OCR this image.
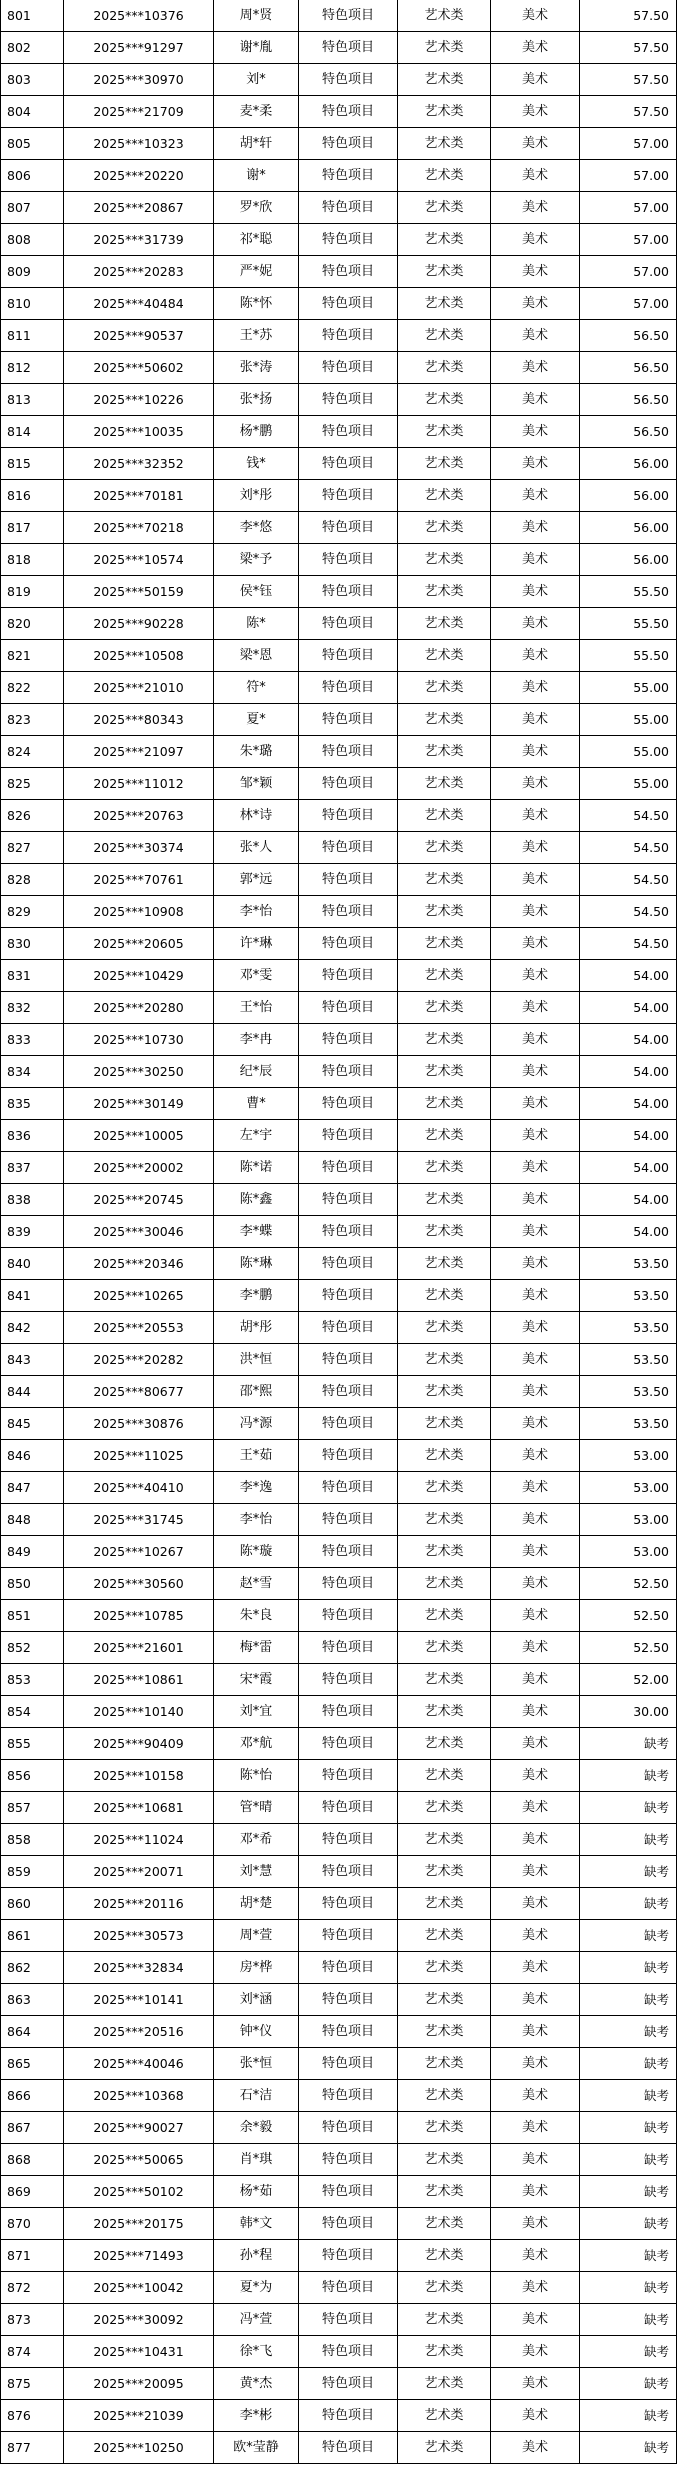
801	2025***10376	周*贤	特色项目	艺术类	美术	57.50
802	2025***91297	谢*胤	特色项目	艺术类	美术	57.50
803	2025***30970	刘*	特色项目	艺术类	美术	57.50
804	2025***21709	麦*柔	特色项目	艺术类	美术	57.50
805	2025***10323	胡*轩	特色项目	艺术类	美术	57.00
806	2025***20220	谢*	特色项目	艺术类	美术	57.00
807	2025***20867	罗*欣	特色项目	艺术类	美术	57.00
808	2025***31739	祁*聪	特色项目	艺术类	美术	57.00
809	2025***20283	严*妮	特色项目	艺术类	美术	57.00
810	2025***40484	陈*怀	特色项目	艺术类	美术	57.00
811	2025***90537	王*苏	特色项目	艺术类	美术	56.50
812	2025***50602	张*涛	特色项目	艺术类	美术	56.50
813	2025***10226	张*扬	特色项目	艺术类	美术	56.50
814	2025***10035	杨*鹏	特色项目	艺术类	美术	56.50
815	2025***32352	钱*	特色项目	艺术类	美术	56.00
816	2025***70181	刘*彤	特色项目	艺术类	美术	56.00
817	2025***70218	李*悠	特色项目	艺术类	美术	56.00
818	2025***10574	梁*予	特色项目	艺术类	美术	56.00
819	2025***50159	侯*钰	特色项目	艺术类	美术	55.50
820	2025***90228	陈*	特色项目	艺术类	美术	55.50
821	2025***10508	梁*恩	特色项目	艺术类	美术	55.50
822	2025***21010	符*	特色项目	艺术类	美术	55.00
823	2025***80343	夏*	特色项目	艺术类	美术	55.00
824	2025***21097	朱*璐	特色项目	艺术类	美术	55.00
825	2025***11012	邹*颖	特色项目	艺术类	美术	55.00
826	2025***20763	林*诗	特色项目	艺术类	美术	54.50
827	2025***30374	张*人	特色项目	艺术类	美术	54.50
828	2025***70761	郭*远	特色项目	艺术类	美术	54.50
829	2025***10908	李*怡	特色项目	艺术类	美术	54.50
830	2025***20605	许*琳	特色项目	艺术类	美术	54.50
831	2025***10429	邓*雯	特色项目	艺术类	美术	54.00
832	2025***20280	王*怡	特色项目	艺术类	美术	54.00
833	2025***10730	李*冉	特色项目	艺术类	美术	54.00
834	2025***30250	纪*辰	特色项目	艺术类	美术	54.00
835	2025***30149	曹*	特色项目	艺术类	美术	54.00
836	2025***10005	左*宇	特色项目	艺术类	美术	54.00
837	2025***20002	陈*诺	特色项目	艺术类	美术	54.00
838	2025***20745	陈*鑫	特色项目	艺术类	美术	54.00
839	2025***30046	李*蝶	特色项目	艺术类	美术	54.00
840	2025***20346	陈*琳	特色项目	艺术类	美术	53.50
841	2025***10265	李*鹏	特色项目	艺术类	美术	53.50
842	2025***20553	胡*彤	特色项目	艺术类	美术	53.50
843	2025***20282	洪*恒	特色项目	艺术类	美术	53.50
844	2025***80677	邵*熙	特色项目	艺术类	美术	53.50
845	2025***30876	冯*源	特色项目	艺术类	美术	53.50
846	2025***11025	王*茹	特色项目	艺术类	美术	53.00
847	2025***40410	李*逸	特色项目	艺术类	美术	53.00
848	2025***31745	李*怡	特色项目	艺术类	美术	53.00
849	2025***10267	陈*璇	特色项目	艺术类	美术	53.00
850	2025***30560	赵*雪	特色项目	艺术类	美术	52.50
851	2025***10785	朱*良	特色项目	艺术类	美术	52.50
852	2025***21601	梅*雷	特色项目	艺术类	美术	52.50
853	2025***10861	宋*霞	特色项目	艺术类	美术	52.00
854	2025***10140	刘*宜	特色项目	艺术类	美术	30.00
855	2025***90409	邓*航	特色项目	艺术类	美术	缺考
856	2025***10158	陈*怡	特色项目	艺术类	美术	缺考
857	2025***10681	管*晴	特色项目	艺术类	美术	缺考
858	2025***11024	邓*希	特色项目	艺术类	美术	缺考
859	2025***20071	刘*慧	特色项目	艺术类	美术	缺考
860	2025***20116	胡*楚	特色项目	艺术类	美术	缺考
861	2025***30573	周*萱	特色项目	艺术类	美术	缺考
862	2025***32834	房*桦	特色项目	艺术类	美术	缺考
863	2025***10141	刘*涵	特色项目	艺术类	美术	缺考
864	2025***20516	钟*仪	特色项目	艺术类	美术	缺考
865	2025***40046	张*恒	特色项目	艺术类	美术	缺考
866	2025***10368	石*洁	特色项目	艺术类	美术	缺考
867	2025***90027	余*毅	特色项目	艺术类	美术	缺考
868	2025***50065	肖*琪	特色项目	艺术类	美术	缺考
869	2025***50102	杨*茹	特色项目	艺术类	美术	缺考
870	2025***20175	韩*文	特色项目	艺术类	美术	缺考
871	2025***71493	孙*程	特色项目	艺术类	美术	缺考
872	2025***10042	夏*为	特色项目	艺术类	美术	缺考
873	2025***30092	冯*萱	特色项目	艺术类	美术	缺考
874	2025***10431	徐*飞	特色项目	艺术类	美术	缺考
875	2025***20095	黄*杰	特色项目	艺术类	美术	缺考
876	2025***21039	李*彬	特色项目	艺术类	美术	缺考
877	2025***10250	欧*莹静	特色项目	艺术类	美术	缺考
